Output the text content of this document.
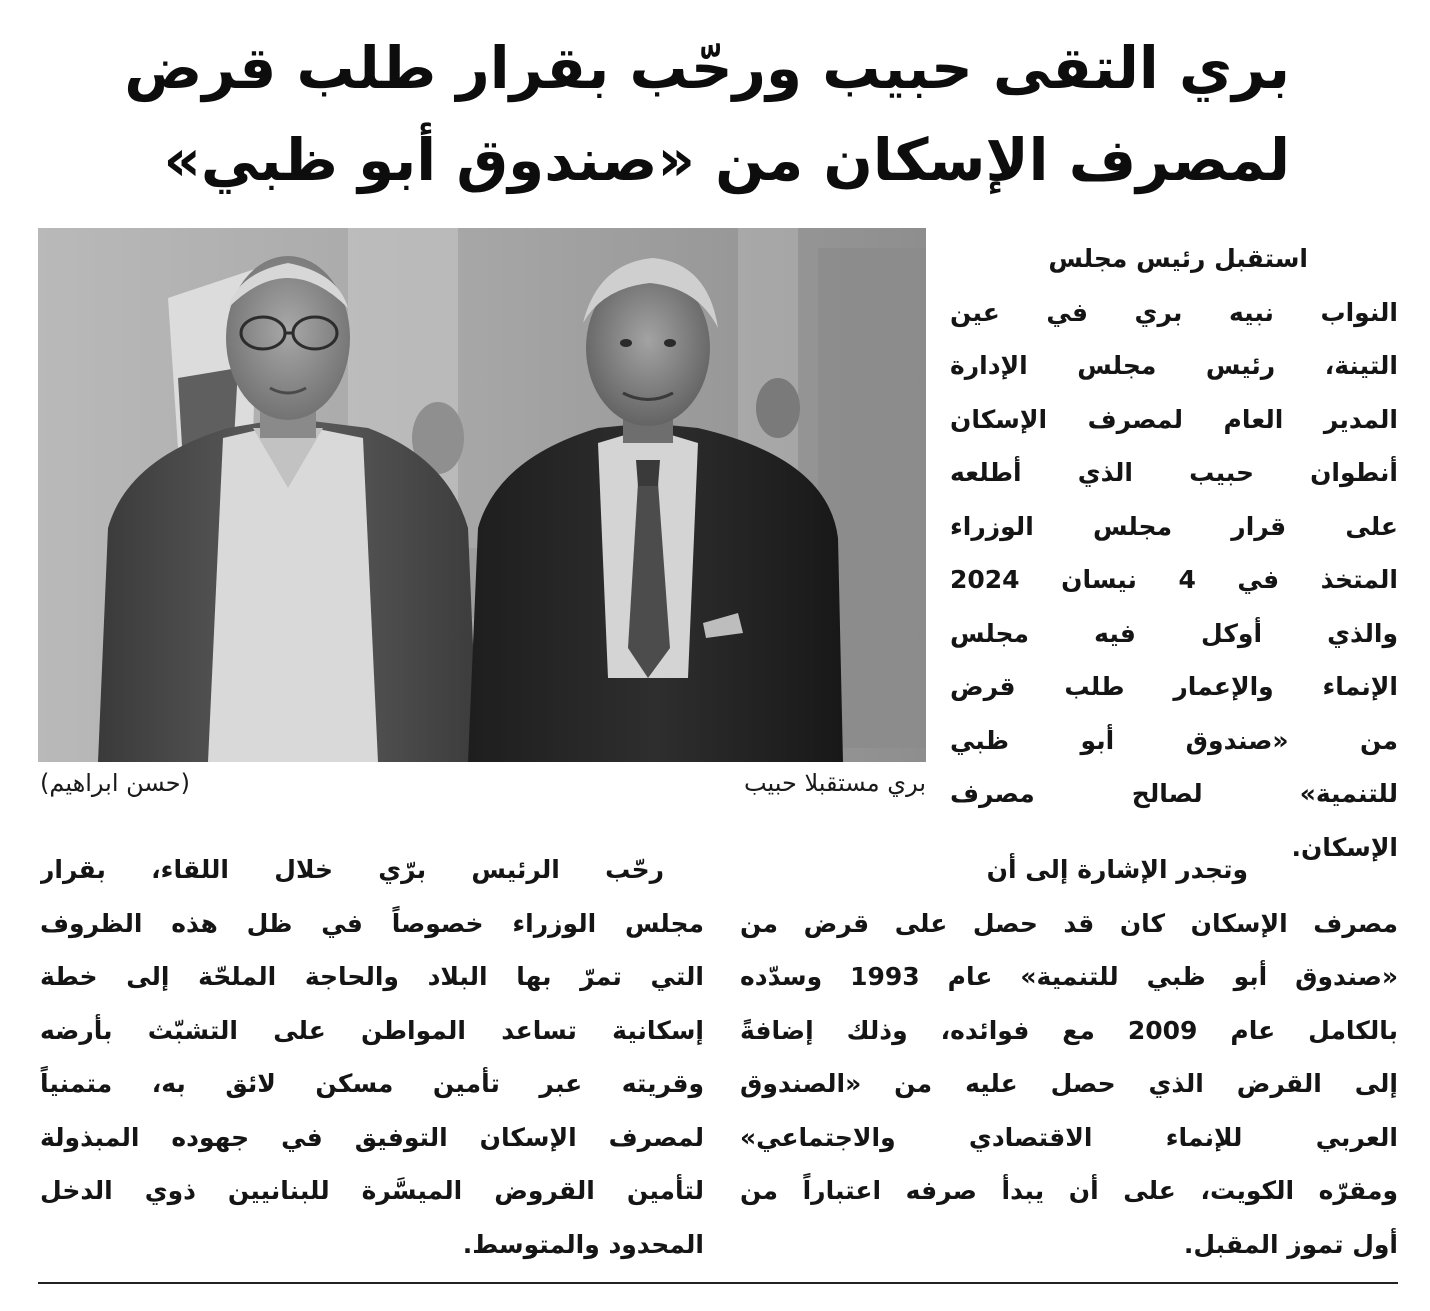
بري التقى حبيب ورحّب بقرار طلب قرض
لمصرف الإسكان من «صندوق أبو ظبي»
بري مستقبلا حبيب
(حسن ابراهيم)
استقبل رئيس مجلس
النواب نبيه بري في عين
التينة، رئيس مجلس الإدارة
المدير العام لمصرف الإسكان
أنطوان حبيب الذي أطلعه
على قرار مجلس الوزراء
المتخذ في 4 نيسان 2024
والذي أوكل فيه مجلس
الإنماء والإعمار طلب قرض
من «صندوق أبو ظبي
للتنمية» لصالح مصرف
الإسكان.
وتجدر الإشارة إلى أن
مصرف الإسكان كان قد حصل على قرض من
«صندوق أبو ظبي للتنمية» عام 1993 وسدّده
بالكامل عام 2009 مع فوائده، وذلك إضافةً
إلى القرض الذي حصل عليه من «الصندوق
العربي للإنماء الاقتصادي والاجتماعي»
ومقرّه الكويت، على أن يبدأ صرفه اعتباراً من
أول تموز المقبل.
رحّب الرئيس برّي خلال اللقاء، بقرار
مجلس الوزراء خصوصاً في ظل هذه الظروف
التي تمرّ بها البلاد والحاجة الملحّة إلى خطة
إسكانية تساعد المواطن على التشبّث بأرضه
وقريته عبر تأمين مسكن لائق به، متمنياً
لمصرف الإسكان التوفيق في جهوده المبذولة
لتأمين القروض الميسَّرة للبنانيين ذوي الدخل
المحدود والمتوسط.
